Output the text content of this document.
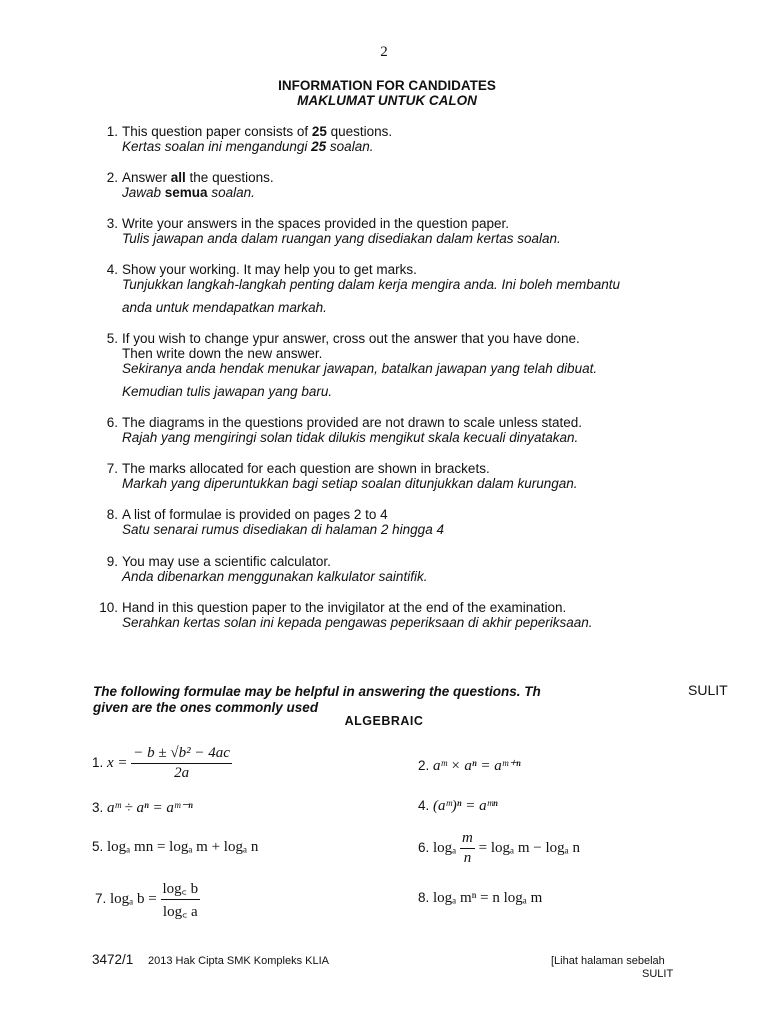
2
INFORMATION FOR CANDIDATES
MAKLUMAT UNTUK CALON
1. This question paper consists of 25 questions.
Kertas soalan ini mengandungi 25 soalan.
2. Answer all the questions.
Jawab semua soalan.
3. Write your answers in the spaces provided in the question paper.
Tulis jawapan anda dalam ruangan yang disediakan dalam kertas soalan.
4. Show your working. It may help you to get marks.
Tunjukkan langkah-langkah penting dalam kerja mengira anda. Ini boleh membantu
anda untuk mendapatkan markah.
5. If you wish to change ypur answer, cross out the answer that you have done.
Then write down the new answer.
Sekiranya anda hendak menukar jawapan, batalkan jawapan yang telah dibuat.
Kemudian tulis jawapan yang baru.
6. The diagrams in the questions provided are not drawn to scale unless stated.
Rajah yang mengiringi solan tidak dilukis mengikut skala kecuali dinyatakan.
7. The marks allocated for each question are shown in brackets.
Markah yang diperuntukkan bagi setiap soalan ditunjukkan dalam kurungan.
8. A list of formulae is provided on pages 2 to 4
Satu senarai rumus disediakan di halaman 2 hingga 4
9. You may use a scientific calculator.
Anda dibenarkan menggunakan kalkulator saintifik.
10. Hand in this question paper to the invigilator at the end of the examination.
Serahkan kertas solan ini kepada pengawas peperiksaan di akhir peperiksaan.
SULIT
The following formulae may be helpful in answering the questions. Th
given are the ones commonly used
ALGEBRAIC
1. $x = \frac{\text{− b ± √b² − 4ac}}{2a}$	2. aᵐ × aⁿ = aᵐ⁺ⁿ
3. aᵐ ÷ aⁿ = aᵐ⁻ⁿ	4. (aᵐ)ⁿ = aᵐⁿ
5. logₐ mn = logₐ m + logₐ n	6. logₐ $\frac{m}{n} = \log_a$ m − logₐ n
7. logₐ $b = \frac{\log꜀ b}{\log꜀ a}$	8. logₐ mⁿ = n logₐ m
3472/1 2013 Hak Cipta SMK Kompleks KLIA	[Lihat halaman sebelah
SULIT
